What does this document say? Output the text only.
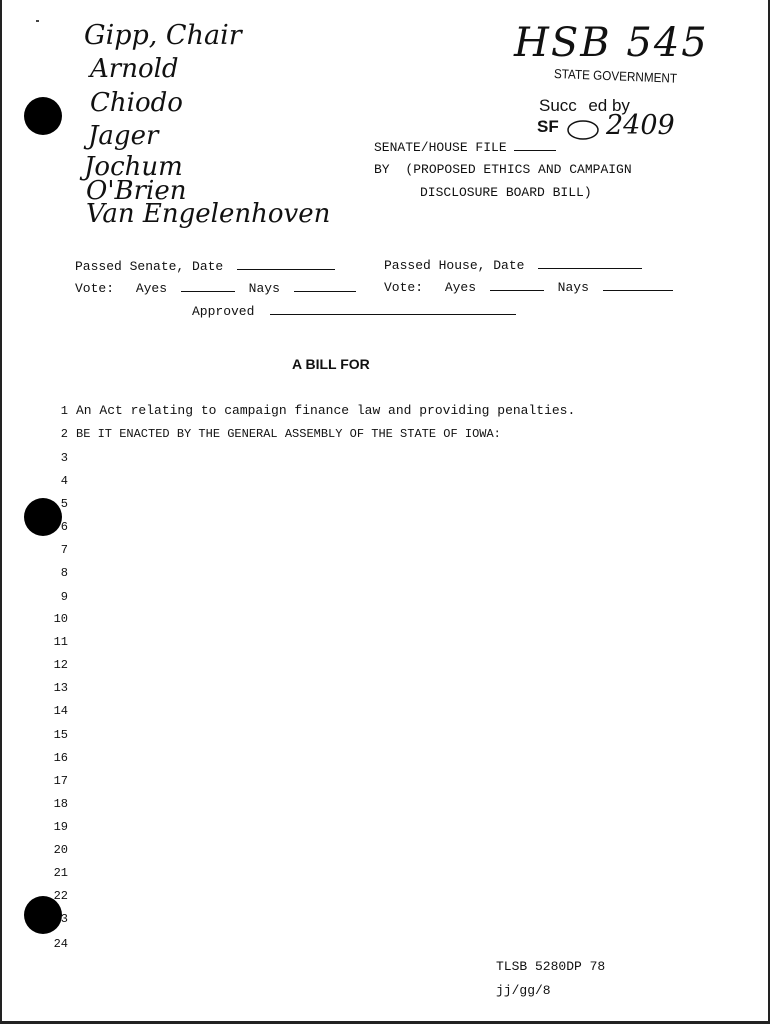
Gipp, Chair
Arnold
Chiodo
Jager
Jochum
O'Brien
Van Engelenhoven
HSB 545
STATE GOVERNMENT
Succ   ed by
SF ○ 2409
SENATE/HOUSE FILE
BY (PROPOSED ETHICS AND CAMPAIGN
DISCLOSURE BOARD BILL)
Passed Senate, Date
Vote: Ayes	Nays
Passed House, Date
Vote: Ayes	Nays
Approved
A BILL FOR
An Act relating to campaign finance law and providing penalties.
BE IT ENACTED BY THE GENERAL ASSEMBLY OF THE STATE OF IOWA:
1
2
3
4
5
6
7
8
9
10
11
12
13
14
15
16
17
18
19
20
21
22
3
24
TLSB 5280DP 78
jj/gg/8
